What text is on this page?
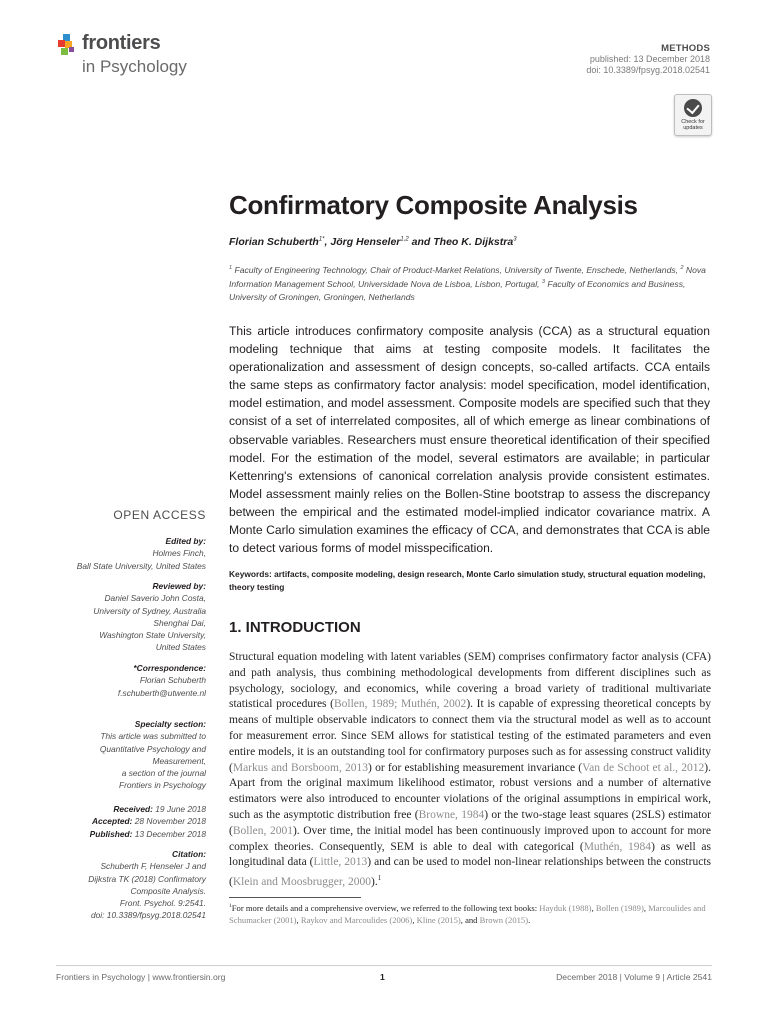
frontiers
in Psychology
METHODS
published: 13 December 2018
doi: 10.3389/fpsyg.2018.02541
Check for updates
Confirmatory Composite Analysis
Florian Schuberth$^{1*}$, Jörg Henseler$^{1,2}$ and Theo K. Dijkstra$^3$
$^1$ Faculty of Engineering Technology, Chair of Product-Market Relations, University of Twente, Enschede, Netherlands, $^2$ Nova Information Management School, Universidade Nova de Lisboa, Lisbon, Portugal, $^3$ Faculty of Economics and Business, University of Groningen, Groningen, Netherlands
This article introduces confirmatory composite analysis (CCA) as a structural equation modeling technique that aims at testing composite models. It facilitates the operationalization and assessment of design concepts, so-called artifacts. CCA entails the same steps as confirmatory factor analysis: model specification, model identification, model estimation, and model assessment. Composite models are specified such that they consist of a set of interrelated composites, all of which emerge as linear combinations of observable variables. Researchers must ensure theoretical identification of their specified model. For the estimation of the model, several estimators are available; in particular Kettenring's extensions of canonical correlation analysis provide consistent estimates. Model assessment mainly relies on the Bollen-Stine bootstrap to assess the discrepancy between the empirical and the estimated model-implied indicator covariance matrix. A Monte Carlo simulation examines the efficacy of CCA, and demonstrates that CCA is able to detect various forms of model misspecification.
Keywords: artifacts, composite modeling, design research, Monte Carlo simulation study, structural equation modeling, theory testing
1. INTRODUCTION
Structural equation modeling with latent variables (SEM) comprises confirmatory factor analysis (CFA) and path analysis, thus combining methodological developments from different disciplines such as psychology, sociology, and economics, while covering a broad variety of traditional multivariate statistical procedures (Bollen, 1989; Muthén, 2002). It is capable of expressing theoretical concepts by means of multiple observable indicators to connect them via the structural model as well as to account for measurement error. Since SEM allows for statistical testing of the estimated parameters and even entire models, it is an outstanding tool for confirmatory purposes such as for assessing construct validity (Markus and Borsboom, 2013) or for establishing measurement invariance (Van de Schoot et al., 2012). Apart from the original maximum likelihood estimator, robust versions and a number of alternative estimators were also introduced to encounter violations of the original assumptions in empirical work, such as the asymptotic distribution free (Browne, 1984) or the two-stage least squares (2SLS) estimator (Bollen, 2001). Over time, the initial model has been continuously improved upon to account for more complex theories. Consequently, SEM is able to deal with categorical (Muthén, 1984) as well as longitudinal data (Little, 2013) and can be used to model non-linear relationships between the constructs (Klein and Moosbrugger, 2000).$^1$
$^1$For more details and a comprehensive overview, we referred to the following text books: Hayduk (1988), Bollen (1989), Marcoulides and Schumacker (2001), Raykov and Marcoulides (2006), Kline (2015), and Brown (2015).
OPEN ACCESS
Edited by:
Holmes Finch,
Ball State University, United States
Reviewed by:
Daniel Saverio John Costa,
University of Sydney, Australia
Shenghai Dai,
Washington State University,
United States
*Correspondence:
Florian Schuberth
f.schuberth@utwente.nl
Specialty section:
This article was submitted to
Quantitative Psychology and
Measurement,
a section of the journal
Frontiers in Psychology
Received: 19 June 2018
Accepted: 28 November 2018
Published: 13 December 2018
Citation:
Schuberth F, Henseler J and
Dijkstra TK (2018) Confirmatory
Composite Analysis.
Front. Psychol. 9:2541.
doi: 10.3389/fpsyg.2018.02541
Frontiers in Psychology | www.frontiersin.org	1	December 2018 | Volume 9 | Article 2541
